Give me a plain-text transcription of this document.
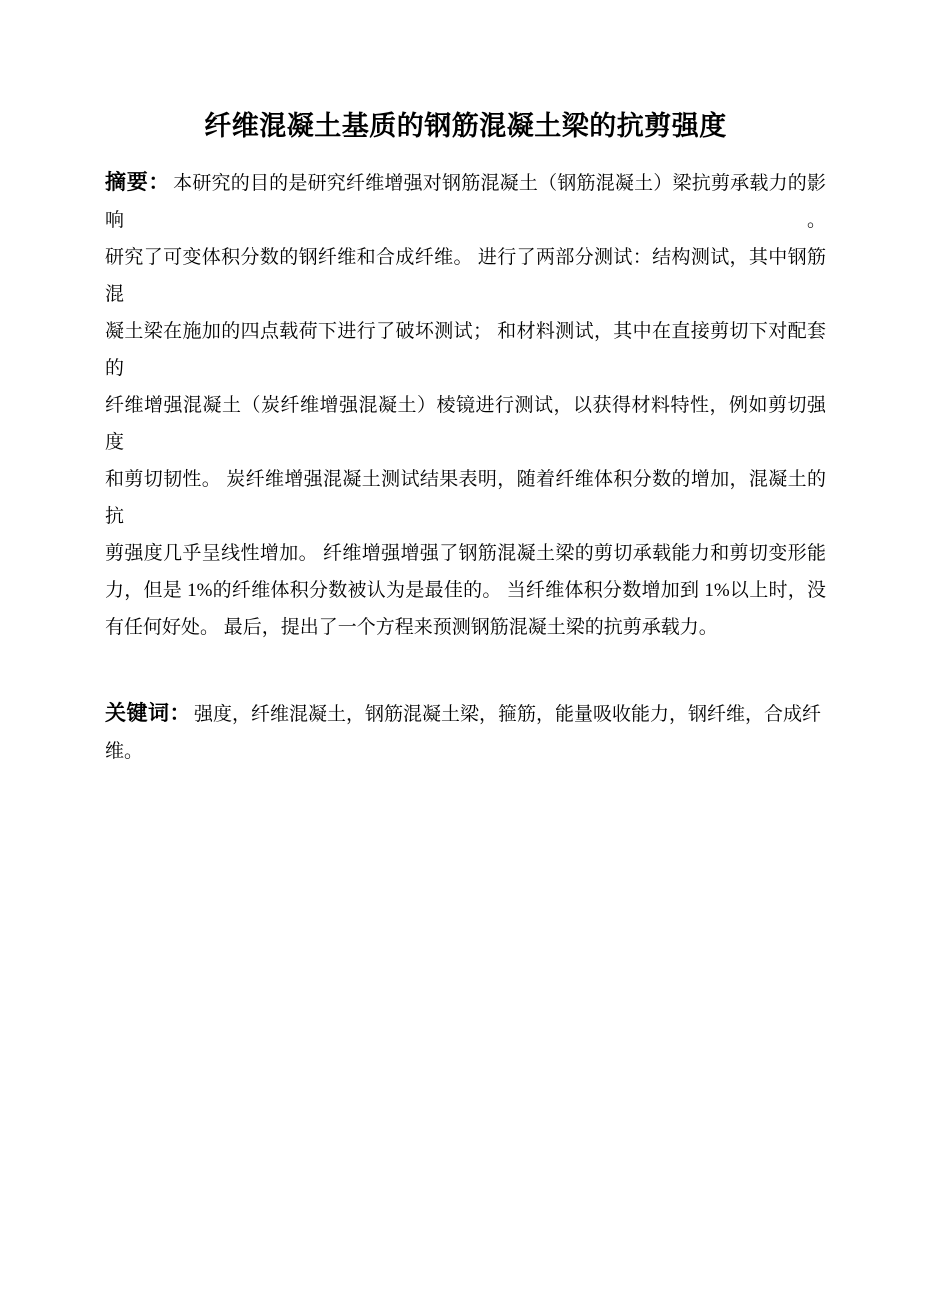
纤维混凝土基质的钢筋混凝土梁的抗剪强度

摘要： 本研究的目的是研究纤维增强对钢筋混凝土（钢筋混凝土）梁抗剪承载力的影响。

研究了可变体积分数的钢纤维和合成纤维。 进行了两部分测试：结构测试，其中钢筋混

凝土梁在施加的四点载荷下进行了破坏测试； 和材料测试，其中在直接剪切下对配套的

纤维增强混凝土（炭纤维增强混凝土）棱镜进行测试，以获得材料特性，例如剪切强度

和剪切韧性。 炭纤维增强混凝土测试结果表明，随着纤维体积分数的增加，混凝土的抗

剪强度几乎呈线性增加。 纤维增强增强了钢筋混凝土梁的剪切承载能力和剪切变形能

力，但是 1%的纤维体积分数被认为是最佳的。 当纤维体积分数增加到 1%以上时，没

有任何好处。 最后，提出了一个方程来预测钢筋混凝土梁的抗剪承载力。

关键词： 强度，纤维混凝土，钢筋混凝土梁，箍筋，能量吸收能力，钢纤维，合成纤维。
